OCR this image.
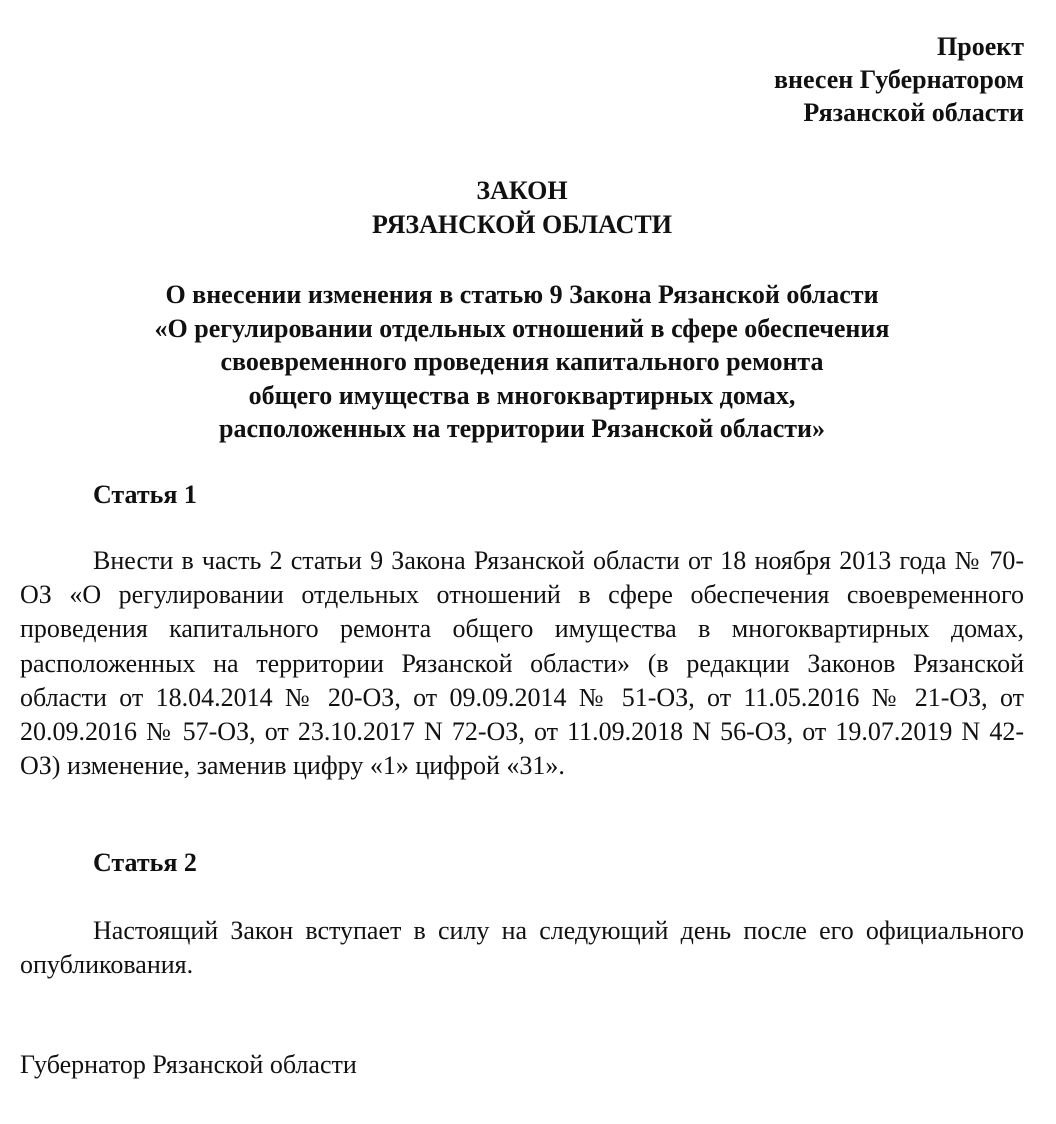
Проект
внесен Губернатором
Рязанской области
ЗАКОН
РЯЗАНСКОЙ ОБЛАСТИ
О внесении изменения в статью 9 Закона Рязанской области
«О регулировании отдельных отношений в сфере обеспечения
своевременного проведения капитального ремонта
общего имущества в многоквартирных домах,
расположенных на территории Рязанской области»
Статья 1

Внести в часть 2 статьи 9 Закона Рязанской области от 18 ноября 2013 года № 70-ОЗ «О регулировании отдельных отношений в сфере обеспечения своевременного проведения капитального ремонта общего имущества в многоквартирных домах, расположенных на территории Рязанской области» (в редакции Законов Рязанской области от 18.04.2014 № 20-ОЗ, от 09.09.2014 № 51-ОЗ, от 11.05.2016 № 21-ОЗ, от 20.09.2016 № 57-ОЗ, от 23.10.2017 N 72-ОЗ, от 11.09.2018 N 56-ОЗ, от 19.07.2019 N 42-ОЗ) изменение, заменив цифру «1» цифрой «31».

Статья 2

Настоящий Закон вступает в силу на следующий день после его официального опубликования.

Губернатор Рязанской области
